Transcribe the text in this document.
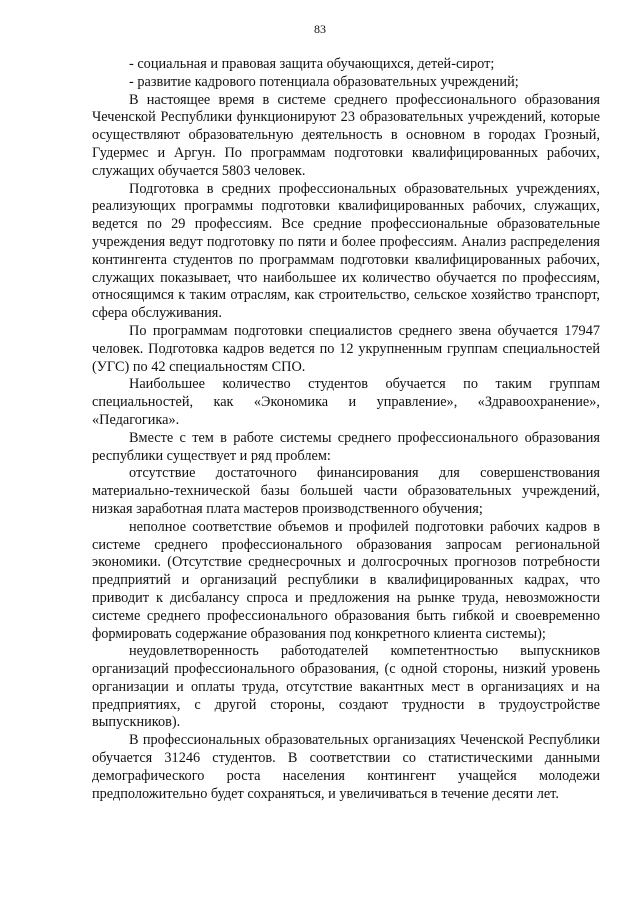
83

- социальная и правовая защита обучающихся, детей-сирот;

- развитие кадрового потенциала образовательных учреждений;

В настоящее время в системе среднего профессионального образования Чеченской Республики функционируют 23 образовательных учреждений, которые осуществляют образовательную деятельность в основном в городах Грозный, Гудермес и Аргун. По программам подготовки квалифицированных рабочих, служащих обучается 5803 человек.

Подготовка в средних профессиональных образовательных учреждениях, реализующих программы подготовки квалифицированных рабочих, служащих, ведется по 29 профессиям. Все средние профессиональные образовательные учреждения ведут подготовку по пяти и более профессиям. Анализ распределения контингента студентов по программам подготовки квалифицированных рабочих, служащих показывает, что наибольшее их количество обучается по профессиям, относящимся к таким отраслям, как строительство, сельское хозяйство транспорт, сфера обслуживания.

По программам подготовки специалистов среднего звена обучается 17947 человек. Подготовка кадров ведется по 12 укрупненным группам специальностей (УГС) по 42 специальностям СПО.

Наибольшее количество студентов обучается по таким группам специальностей, как «Экономика и управление», «Здравоохранение», «Педагогика».

Вместе с тем в работе системы среднего профессионального образования республики существует и ряд проблем:

отсутствие достаточного финансирования для совершенствования материально-технической базы большей части образовательных учреждений, низкая заработная плата мастеров производственного обучения;

неполное соответствие объемов и профилей подготовки рабочих кадров в системе среднего профессионального образования запросам региональной экономики. (Отсутствие среднесрочных и долгосрочных прогнозов потребности предприятий и организаций республики в квалифицированных кадрах, что приводит к дисбалансу спроса и предложения на рынке труда, невозможности системе среднего профессионального образования быть гибкой и своевременно формировать содержание образования под конкретного клиента системы);

неудовлетворенность работодателей компетентностью выпускников организаций профессионального образования, (с одной стороны, низкий уровень организации и оплаты труда, отсутствие вакантных мест в организациях и на предприятиях, с другой стороны, создают трудности в трудоустройстве выпускников).

В профессиональных образовательных организациях Чеченской Республики обучается 31246 студентов. В соответствии со статистическими данными демографического роста населения контингент учащейся молодежи предположительно будет сохраняться, и увеличиваться в течение десяти лет.
